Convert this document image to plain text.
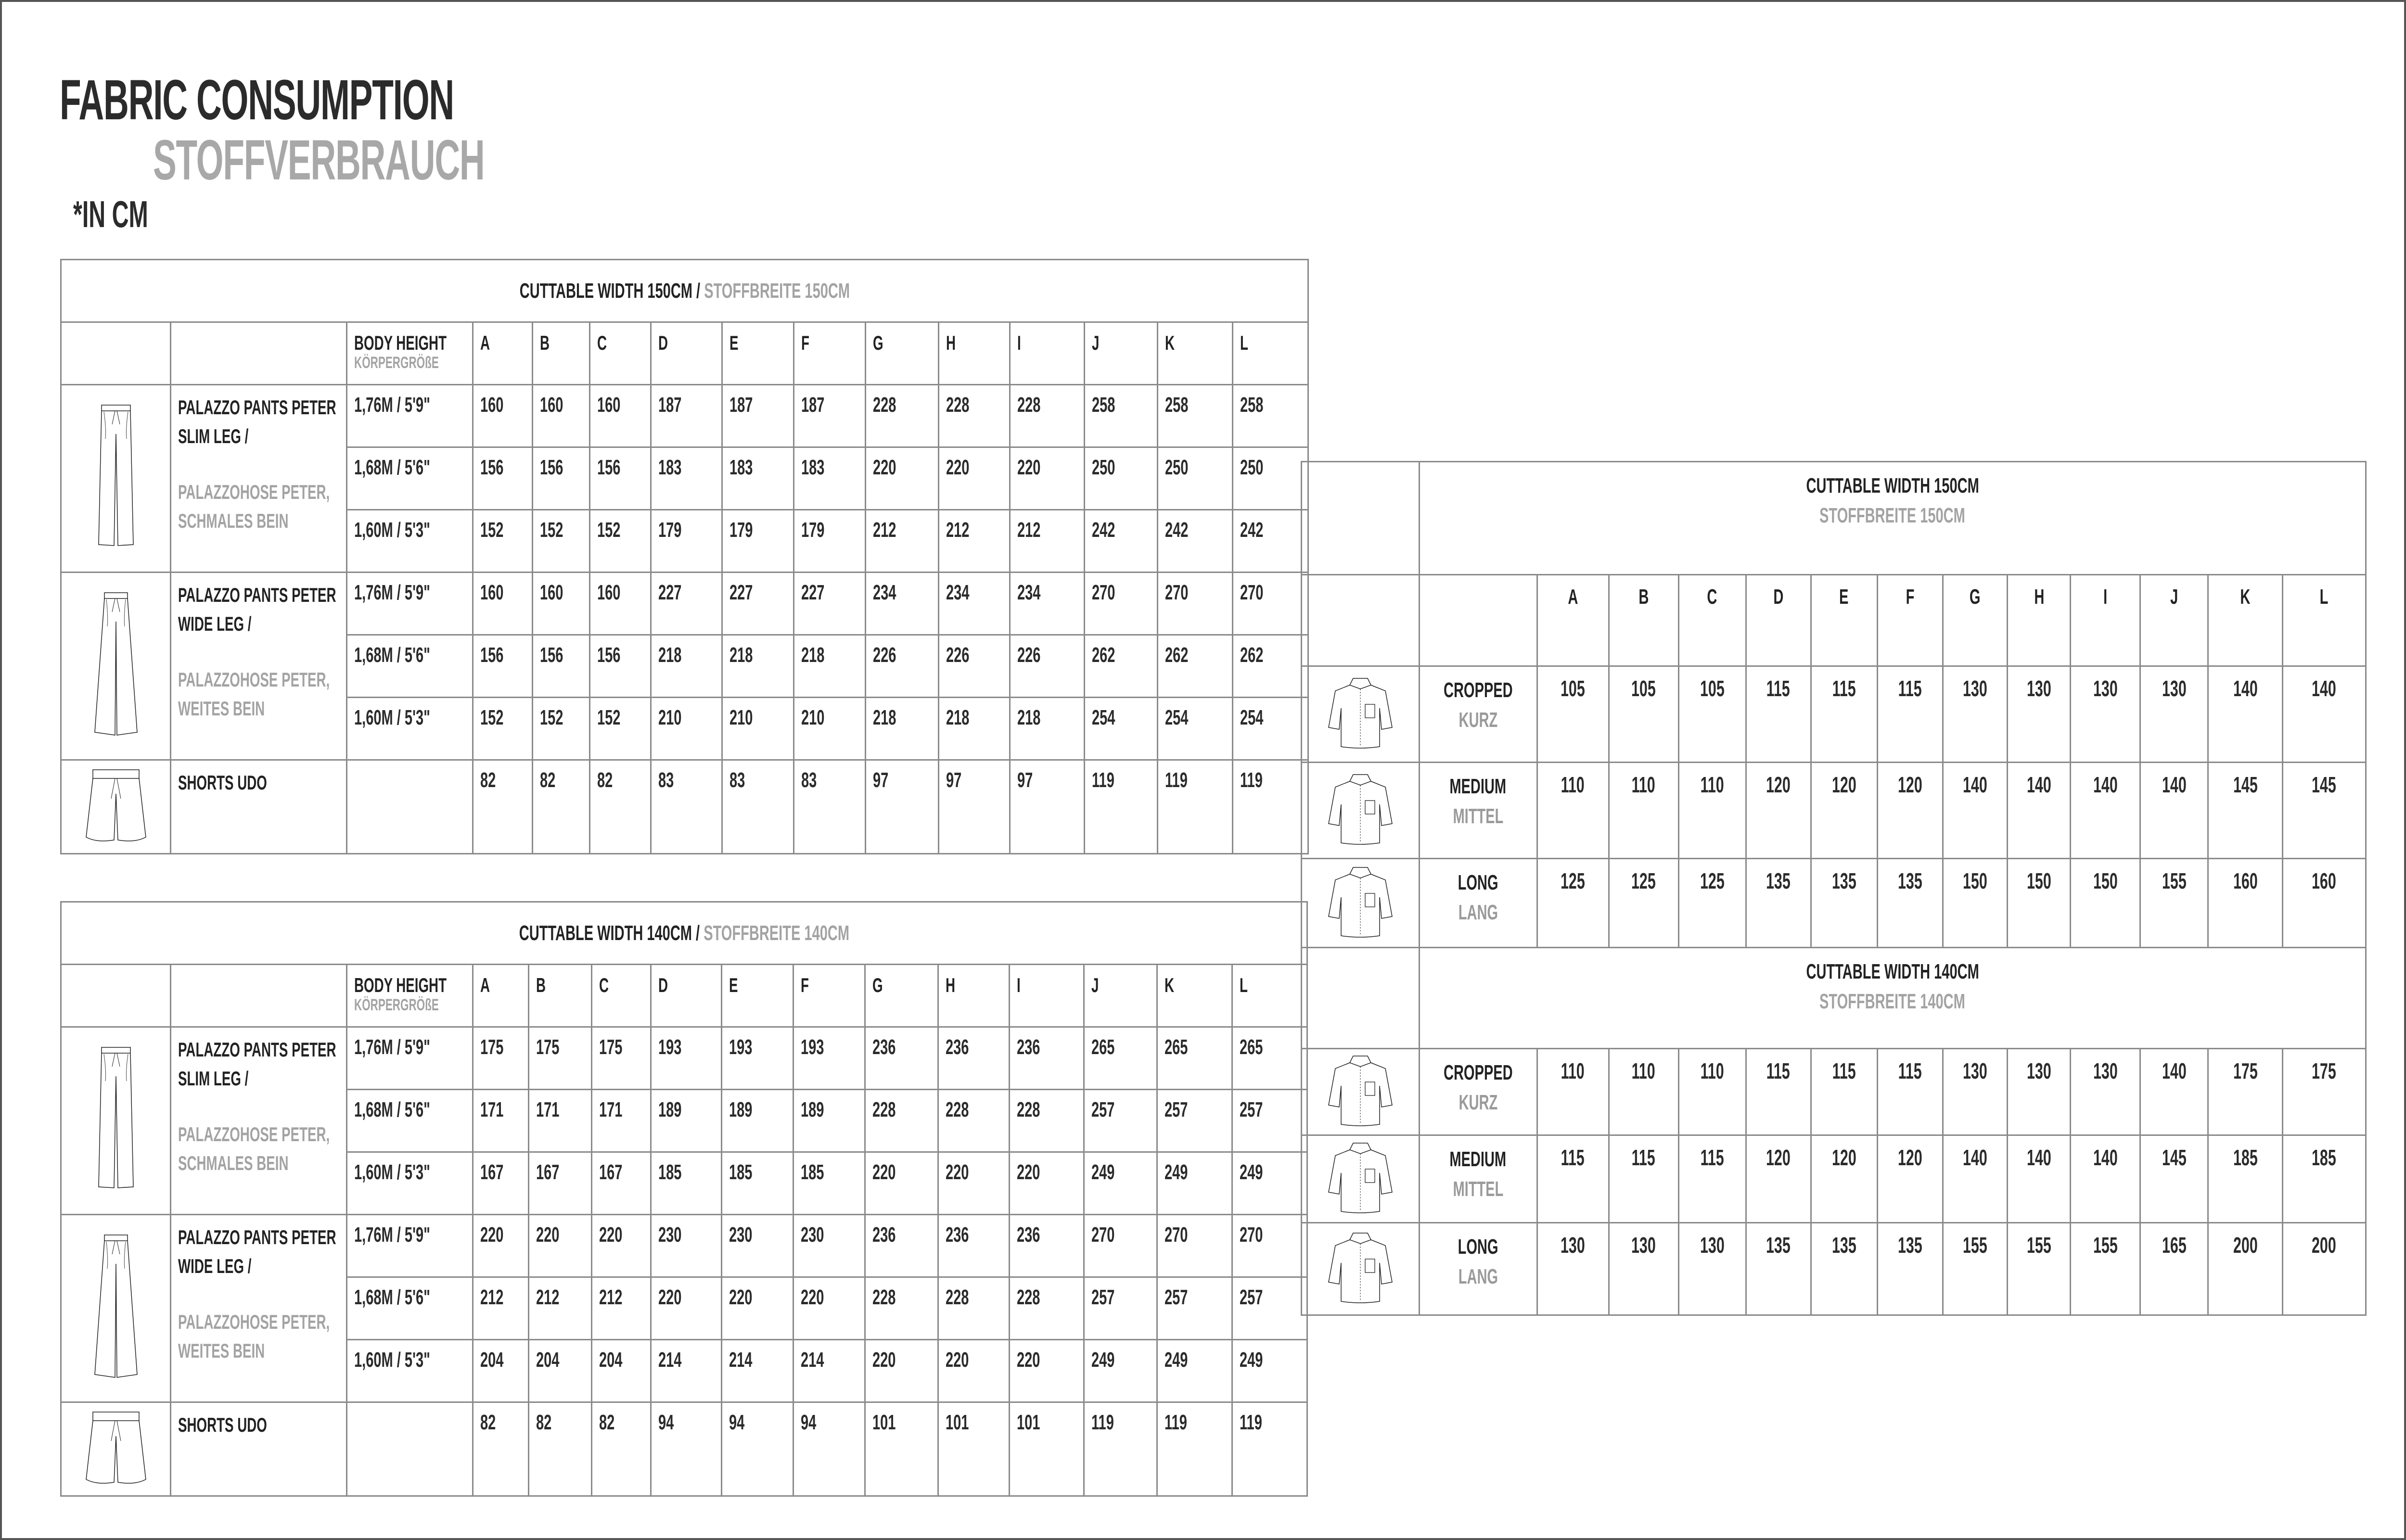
FABRIC CONSUMPTION
STOFFVERBRAUCH
*IN CM
CUTTABLE WIDTH 150CM / STOFFBREITE 150CM														
		BODY HEIGHT
KÖRPERGRÖßE	A	B	C	D	E	F	G	H	I	J	K	L

PALAZZO PANTS PETER SLIM LEG /
PALAZZOHOSE PETER, SCHMALES BEIN	1,76M / 5'9"	160	160	160	187	187	187	228	228	228	258	258	258
		1,68M / 5'6"	156	156	156	183	183	183	220	220	220	250	250	250
		1,60M / 5'3"	152	152	152	179	179	179	212	212	212	242	242	242

PALAZZO PANTS PETER WIDE LEG /
PALAZZOHOSE PETER, WEITES BEIN	1,76M / 5'9"	160	160	160	227	227	227	234	234	234	270	270	270
		1,68M / 5'6"	156	156	156	218	218	218	226	226	226	262	262	262
		1,60M / 5'3"	152	152	152	210	210	210	218	218	218	254	254	254
	SHORTS UDO		82	82	82	83	83	83	97	97	97	119	119	119
CUTTABLE WIDTH 140CM / STOFFBREITE 140CM														
		BODY HEIGHT
KÖRPERGRÖßE	A	B	C	D	E	F	G	H	I	J	K	L

PALAZZO PANTS PETER SLIM LEG /
PALAZZOHOSE PETER, SCHMALES BEIN	1,76M / 5'9"	175	175	175	193	193	193	236	236	236	265	265	265
		1,68M / 5'6"	171	171	171	189	189	189	228	228	228	257	257	257
		1,60M / 5'3"	167	167	167	185	185	185	220	220	220	249	249	249

PALAZZO PANTS PETER WIDE LEG /
PALAZZOHOSE PETER, WEITES BEIN	1,76M / 5'9"	220	220	220	230	230	230	236	236	236	270	270	270
		1,68M / 5'6"	212	212	212	220	220	220	228	228	228	257	257	257
		1,60M / 5'3"	204	204	204	214	214	214	220	220	220	249	249	249
	SHORTS UDO		82	82	82	94	94	94	101	101	101	119	119	119
	CUTTABLE WIDTH 150CM
STOFFBREITE 150CM												
		A	B	C	D	E	F	G	H	I	J	K	L
	CROPPED
KURZ	105	105	105	115	115	115	130	130	130	130	140	140
	MEDIUM
MITTEL	110	110	110	120	120	120	140	140	140	140	145	145
	LONG
LANG	125	125	125	135	135	135	150	150	150	155	160	160
	CUTTABLE WIDTH 140CM
STOFFBREITE 140CM												
	CROPPED
KURZ	110	110	110	115	115	115	130	130	130	140	175	175
	MEDIUM
MITTEL	115	115	115	120	120	120	140	140	140	145	185	185
	LONG
LANG	130	130	130	135	135	135	155	155	155	165	200	200
